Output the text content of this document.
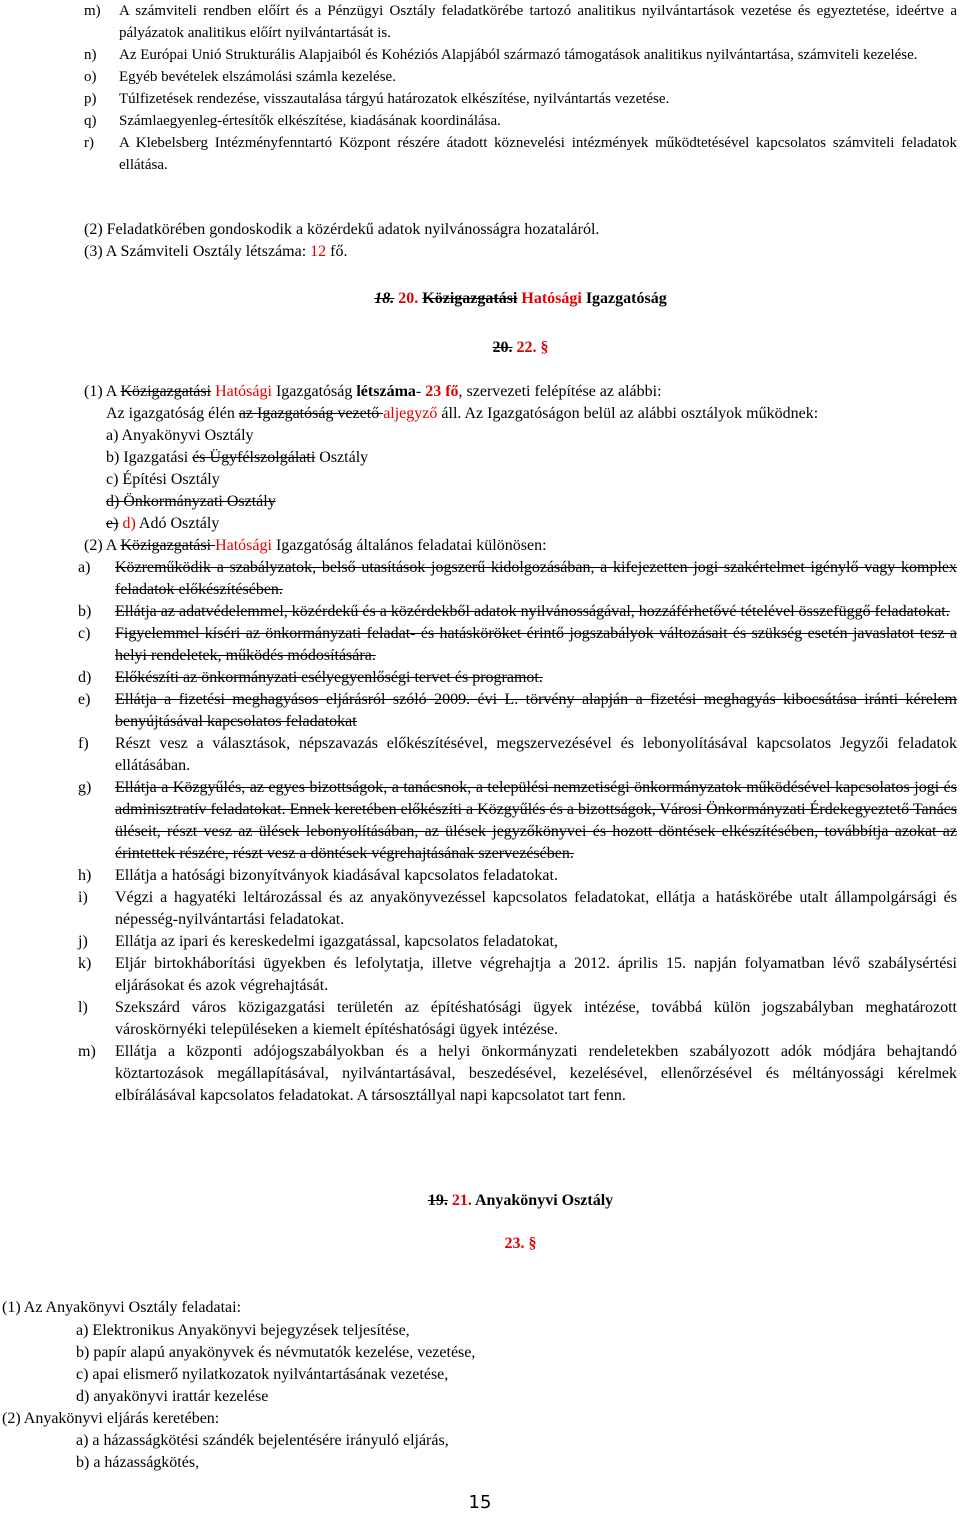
m)	A számviteli rendben előírt és a Pénzügyi Osztály feladatkörébe tartozó analitikus nyilvántartások vezetése és egyeztetése, ideértve a pályázatok analitikus előírt nyilvántartását is.
n)	Az Európai Unió Strukturális Alapjaiból és Kohéziós Alapjából származó támogatások analitikus nyilvántartása, számviteli kezelése.
o)	Egyéb bevételek elszámolási számla kezelése.
p)	Túlfizetések rendezése, visszautalása tárgyú határozatok elkészítése, nyilvántartás vezetése.
q)	Számlaegyenleg-értesítők elkészítése, kiadásának koordinálása.
r)	A Klebelsberg Intézményfenntartó Központ részére átadott köznevelési intézmények működtetésével kapcsolatos számviteli feladatok ellátása.
(2) Feladatkörében gondoskodik a közérdekű adatok nyilvánosságra hozataláról.
(3) A Számviteli Osztály létszáma: 12 fő.
18. 20. Közigazgatási Hatósági Igazgatóság
20. 22. §
(1) A Közigazgatási Hatósági Igazgatóság létszáma- 23 fő, szervezeti felépítése az alábbi:
Az igazgatóság élén az Igazgatóság vezető aljegyző áll. Az Igazgatóságon belül az alábbi osztályok működnek:
a) Anyakönyvi Osztály
b) Igazgatási és Ügyfélszolgálati Osztály
c) Építési Osztály
d) Önkormányzati Osztály
e) d) Adó Osztály
(2) A Közigazgatási Hatósági Igazgatóság általános feladatai különösen:
a)	Közreműködik a szabályzatok, belső utasítások jogszerű kidolgozásában, a kifejezetten jogi szakértelmet igénylő vagy komplex feladatok előkészítésében.
b)	Ellátja az adatvédelemmel, közérdekű és a közérdekből adatok nyilvánosságával, hozzáférhetővé tételével összefüggő feladatokat.
c)	Figyelemmel kíséri az önkormányzati feladat- és hatásköröket érintő jogszabályok változásait és szükség esetén javaslatot tesz a helyi rendeletek, működés módosítására.
d)	Előkészíti az önkormányzati esélyegyenlőségi tervet és programot.
e)	Ellátja a fizetési meghagyásos eljárásról szóló 2009. évi L. törvény alapján a fizetési meghagyás kibocsátása iránti kérelem benyújtásával kapcsolatos feladatokat
f)	Részt vesz a választások, népszavazás előkészítésével, megszervezésével és lebonyolításával kapcsolatos Jegyzői feladatok ellátásában.
g)	Ellátja a Közgyűlés, az egyes bizottságok, a tanácsnok, a települési nemzetiségi önkormányzatok működésével kapcsolatos jogi és adminisztratív feladatokat. Ennek keretében előkészíti a Közgyűlés és a bizottságok, Városi Önkormányzati Érdekegyeztető Tanács üléseit, részt vesz az ülések lebonyolításában, az ülések jegyzőkönyvei és hozott döntések elkészítésében, továbbítja azokat az érintettek részére, részt vesz a döntések végrehajtásának szervezésében.
h)	Ellátja a hatósági bizonyítványok kiadásával kapcsolatos feladatokat.
i)	Végzi a hagyatéki leltározással és az anyakönyvezéssel kapcsolatos feladatokat, ellátja a hatáskörébe utalt állampolgársági és népesség-nyilvántartási feladatokat.
j)	Ellátja az ipari és kereskedelmi igazgatással, kapcsolatos feladatokat,
k)	Eljár birtokháborítási ügyekben és lefolytatja, illetve végrehajtja a 2012. április 15. napján folyamatban lévő szabálysértési eljárásokat és azok végrehajtását.
l)	Szekszárd város közigazgatási területén az építéshatósági ügyek intézése, továbbá külön jogszabályban meghatározott városkörnyéki településeken a kiemelt építéshatósági ügyek intézése.
m)	Ellátja a központi adójogszabályokban és a helyi önkormányzati rendeletekben szabályozott adók módjára behajtandó köztartozások megállapításával, nyilvántartásával, beszedésével, kezelésével, ellenőrzésével és méltányossági kérelmek elbírálásával kapcsolatos feladatokat. A társosztállyal napi kapcsolatot tart fenn.
19. 21. Anyakönyvi Osztály
23. §
(1) Az Anyakönyvi Osztály feladatai:
a) Elektronikus Anyakönyvi bejegyzések teljesítése,
b) papír alapú anyakönyvek és névmutatók kezelése, vezetése,
c) apai elismerő nyilatkozatok nyilvántartásának vezetése,
d) anyakönyvi irattár kezelése
(2) Anyakönyvi eljárás keretében:
a) a házasságkötési szándék bejelentésére irányuló eljárás,
b) a házasságkötés,
15
